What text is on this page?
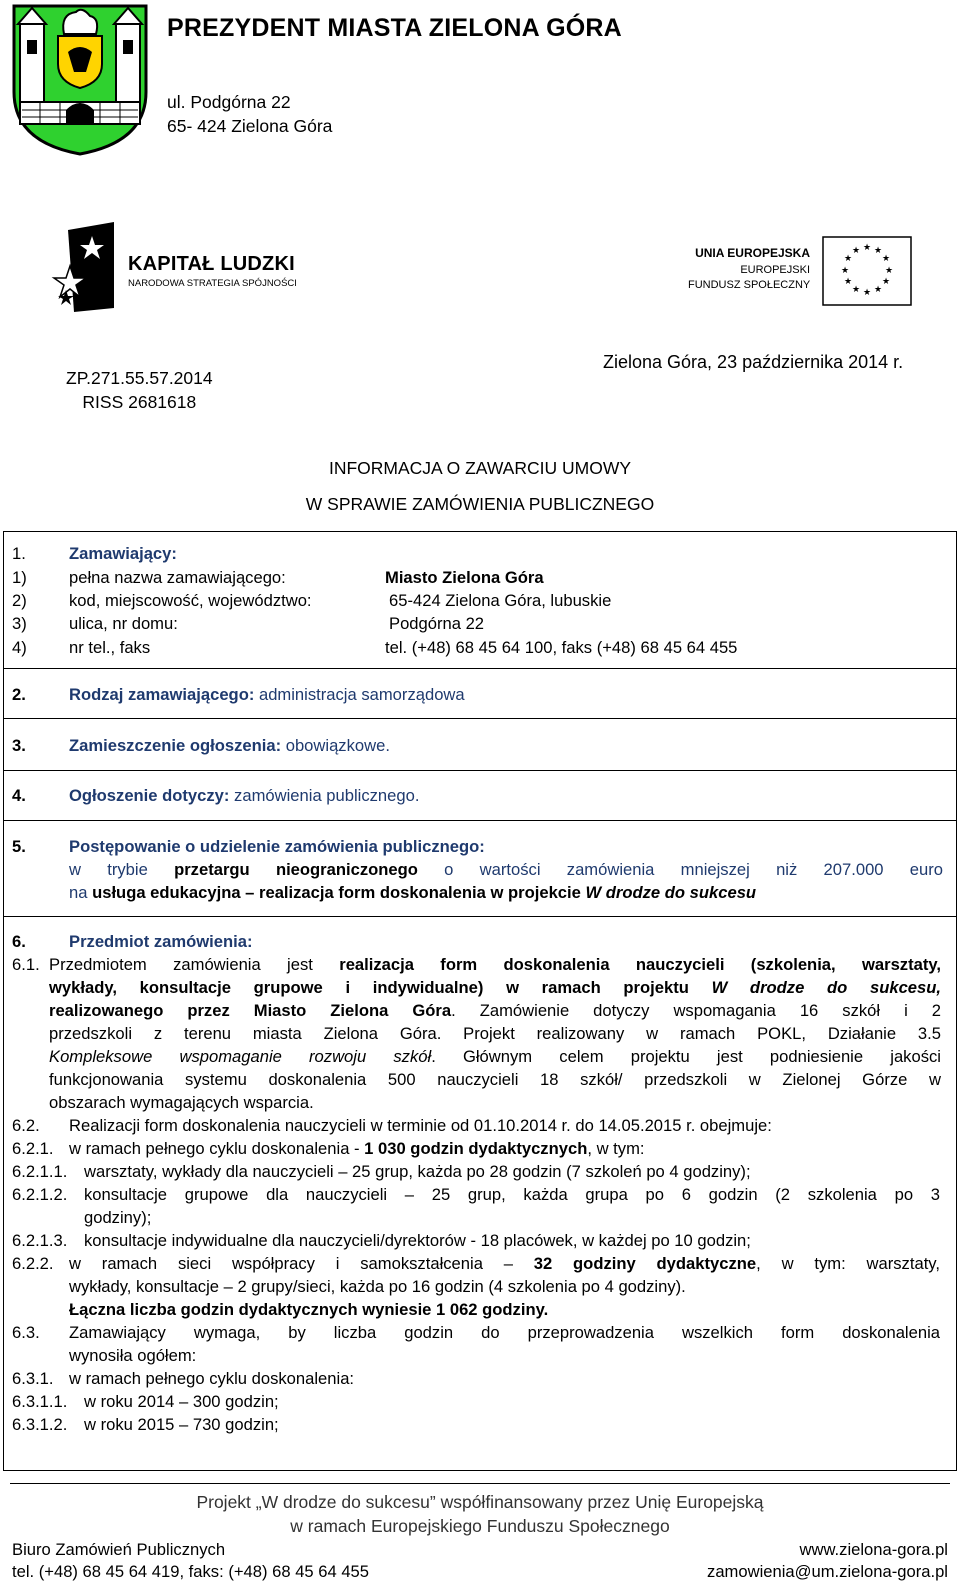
PREZYDENT MIASTA ZIELONA GÓRA
ul. Podgórna 22
65- 424 Zielona Góra
KAPITAŁ LUDZKI
NARODOWA STRATEGIA SPÓJNOŚCI
UNIA EUROPEJSKA
EUROPEJSKI
FUNDUSZ SPOŁECZNY
★ ★
★
★
★
★
★
★
★
★
★
★
ZP.271.55.57.2014
RISS 2681618
Zielona Góra, 23 października 2014 r.
INFORMACJA O ZAWARCIU UMOWY
W SPRAWIE ZAMÓWIENIA PUBLICZNEGO
1.	Zamawiający:
1)	pełna nazwa zamawiającego:	Miasto Zielona Góra
2)	kod, miejscowość, województwo:	65-424 Zielona Góra, lubuskie
3)	ulica, nr domu:	Podgórna 22
4)	nr tel., faks	tel. (+48) 68 45 64 100, faks (+48) 68 45 64 455
2.	Rodzaj zamawiającego: administracja samorządowa
3.	Zamieszczenie ogłoszenia: obowiązkowe.
4.	Ogłoszenie dotyczy: zamówienia publicznego.
5.	Postępowanie o udzielenie zamówienia publicznego:
w trybie przetargu nieograniczonego o wartości zamówienia mniejszej niż 207.000 euro
na usługa edukacyjna – realizacja form doskonalenia w projekcie W drodze do sukcesu
6.	Przedmiot zamówienia:
6.1. Przedmiotem zamówienia jest realizacja form doskonalenia nauczycieli (szkolenia, warsztaty,
wykłady, konsultacje grupowe i indywidualne) w ramach projektu W drodze do sukcesu,
realizowanego przez Miasto Zielona Góra. Zamówienie dotyczy wspomagania 16 szkół i 2
przedszkoli z terenu miasta Zielona Góra. Projekt realizowany w ramach POKL, Działanie 3.5
Kompleksowe wspomaganie rozwoju szkół. Głównym celem projektu jest podniesienie jakości
funkcjonowania systemu doskonalenia 500 nauczycieli 18 szkół/ przedszkoli w Zielonej Górze w
obszarach wymagających wsparcia.
6.2. Realizacji form doskonalenia nauczycieli w terminie od 01.10.2014 r. do 14.05.2015 r. obejmuje:
6.2.1. w ramach pełnego cyklu doskonalenia - 1 030 godzin dydaktycznych, w tym:
6.2.1.1. warsztaty, wykłady dla nauczycieli – 25 grup, każda po 28 godzin (7 szkoleń po 4 godziny);
6.2.1.2. konsultacje grupowe dla nauczycieli – 25 grup, każda grupa po 6 godzin (2 szkolenia po 3
godziny);
6.2.1.3. konsultacje indywidualne dla nauczycieli/dyrektorów - 18 placówek, w każdej po 10 godzin;
6.2.2. w ramach sieci współpracy i samokształcenia – 32 godziny dydaktyczne, w tym: warsztaty,
wykłady, konsultacje – 2 grupy/sieci, każda po 16 godzin (4 szkolenia po 4 godziny).
Łączna liczba godzin dydaktycznych wyniesie 1 062 godziny.
6.3. Zamawiający wymaga, by liczba godzin do przeprowadzenia wszelkich form doskonalenia
wynosiła ogółem:
6.3.1. w ramach pełnego cyklu doskonalenia:
6.3.1.1. w roku 2014 – 300 godzin;
6.3.1.2. w roku 2015 – 730 godzin;
Projekt „W drodze do sukcesu” współfinansowany przez Unię Europejską
w ramach Europejskiego Funduszu Społecznego
Biuro Zamówień Publicznych
tel. (+48) 68 45 64 419, faks: (+48) 68 45 64 455
www.zielona-gora.pl
zamowienia@um.zielona-gora.pl
